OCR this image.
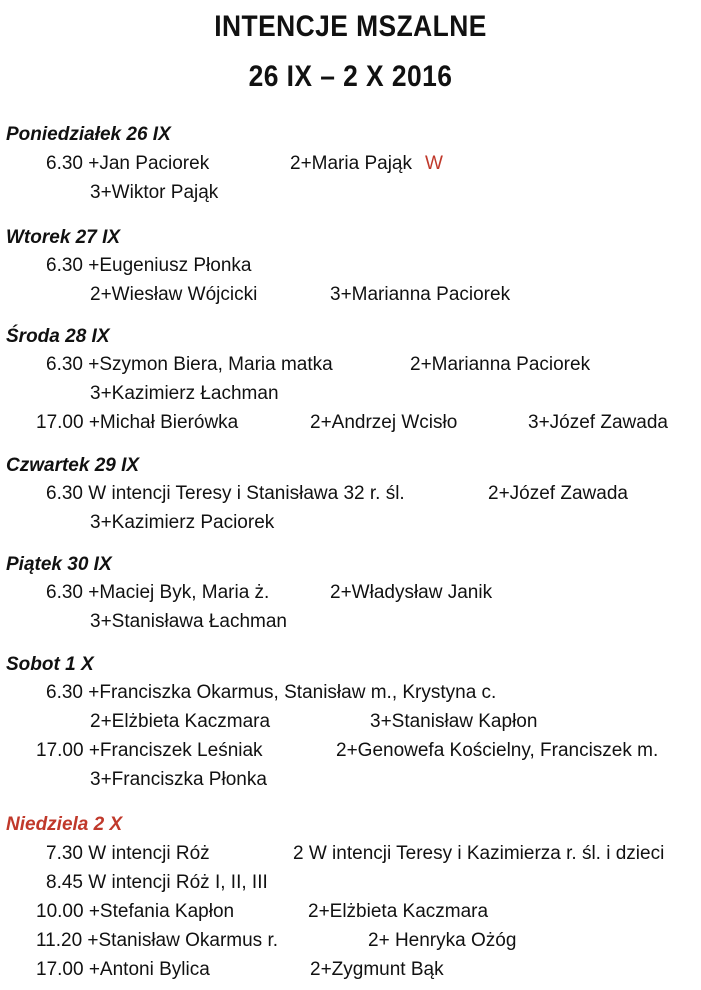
INTENCJE MSZALNE
26 IX – 2 X 2016
Poniedziałek 26 IX
6.30 +Jan Paciorek	2+Maria Pająk W
3+Wiktor Pająk
Wtorek 27 IX
6.30 +Eugeniusz Płonka
2+Wiesław Wójcicki	3+Marianna Paciorek
Środa 28 IX
6.30 +Szymon Biera, Maria matka	2+Marianna Paciorek
3+Kazimierz Łachman
17.00 +Michał Bierówka	2+Andrzej Wcisło	3+Józef Zawada
Czwartek 29 IX
6.30 W intencji Teresy i Stanisława 32 r. śl.	2+Józef Zawada
3+Kazimierz Paciorek
Piątek 30 IX
6.30 +Maciej Byk, Maria ż.	2+Władysław Janik
3+Stanisława Łachman
Sobot 1 X
6.30 +Franciszka Okarmus, Stanisław m., Krystyna c.
2+Elżbieta Kaczmara	3+Stanisław Kapłon
17.00 +Franciszek Leśniak	2+Genowefa Kościelny, Franciszek m.
3+Franciszka Płonka
Niedziela 2 X
7.30 W intencji Róż	2 W intencji Teresy i Kazimierza r. śl. i dzieci
8.45 W intencji Róż I, II, III
10.00 +Stefania Kapłon	2+Elżbieta Kaczmara
11.20 +Stanisław Okarmus r.	2+ Henryka Ożóg
17.00 +Antoni Bylica	2+Zygmunt Bąk
